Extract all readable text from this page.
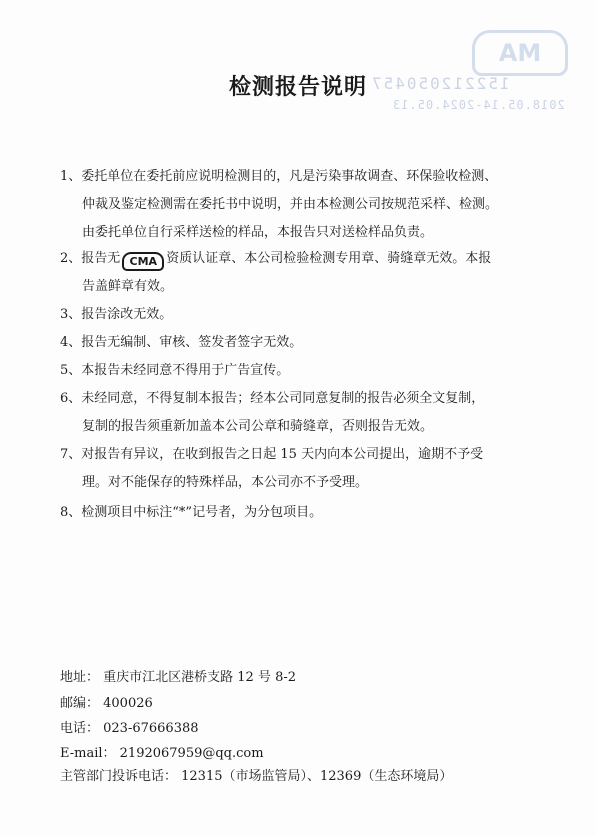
MA
152212050457
2018.05.14-2024.05.13
检测报告说明
1、委托单位在委托前应说明检测目的，凡是污染事故调查、环保验收检测、
仲裁及鉴定检测需在委托书中说明，并由本检测公司按规范采样、检测。
由委托单位自行采样送检的样品，本报告只对送检样品负责。
2、报告无 CMA 资质认证章、本公司检验检测专用章、骑缝章无效。本报
告盖鲜章有效。
3、报告涂改无效。
4、报告无编制、审核、签发者签字无效。
5、本报告未经同意不得用于广告宣传。
6、未经同意，不得复制本报告；经本公司同意复制的报告必须全文复制，
复制的报告须重新加盖本公司公章和骑缝章，否则报告无效。
7、对报告有异议，在收到报告之日起 15 天内向本公司提出，逾期不予受
理。对不能保存的特殊样品，本公司亦不予受理。
8、检测项目中标注“*”记号者，为分包项目。
地址： 重庆市江北区港桥支路 12 号 8-2
邮编： 400026
电话： 023-67666388
E-mail： 2192067959@qq.com
主管部门投诉电话： 12315（市场监管局）、12369（生态环境局）
